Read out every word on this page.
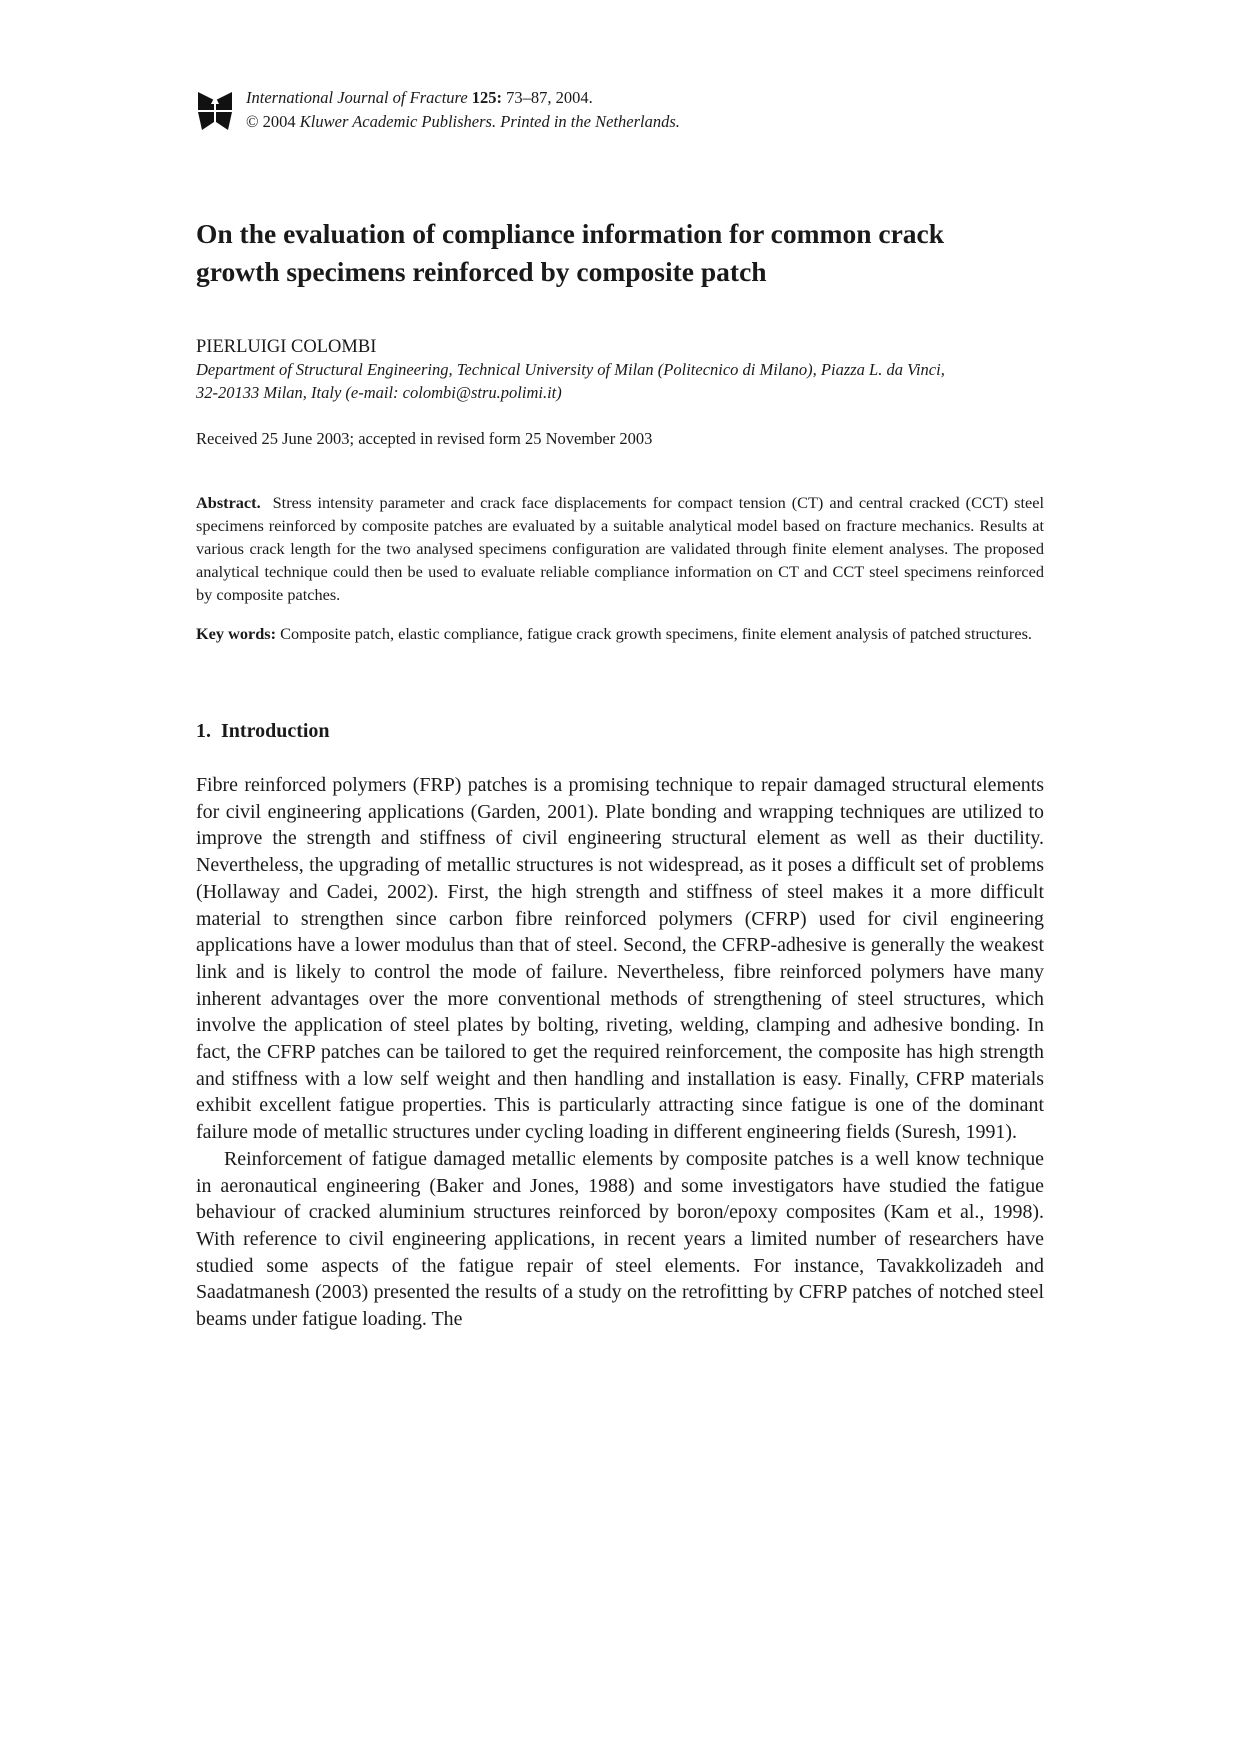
International Journal of Fracture 125: 73–87, 2004.
© 2004 Kluwer Academic Publishers. Printed in the Netherlands.
On the evaluation of compliance information for common crack
growth specimens reinforced by composite patch
PIERLUIGI COLOMBI
Department of Structural Engineering, Technical University of Milan (Politecnico di Milano), Piazza L. da Vinci,
32-20133 Milan, Italy (e-mail: colombi@stru.polimi.it)
Received 25 June 2003; accepted in revised form 25 November 2003

Abstract. Stress intensity parameter and crack face displacements for compact tension (CT) and central cracked (CCT) steel specimens reinforced by composite patches are evaluated by a suitable analytical model based on fracture mechanics. Results at various crack length for the two analysed specimens configuration are validated through finite element analyses. The proposed analytical technique could then be used to evaluate reliable compliance information on CT and CCT steel specimens reinforced by composite patches.

Key words: Composite patch, elastic compliance, fatigue crack growth specimens, finite element analysis of patched structures.

1. Introduction

Fibre reinforced polymers (FRP) patches is a promising technique to repair damaged structural elements for civil engineering applications (Garden, 2001). Plate bonding and wrapping techniques are utilized to improve the strength and stiffness of civil engineering structural element as well as their ductility. Nevertheless, the upgrading of metallic structures is not widespread, as it poses a difficult set of problems (Hollaway and Cadei, 2002). First, the high strength and stiffness of steel makes it a more difficult material to strengthen since carbon fibre reinforced polymers (CFRP) used for civil engineering applications have a lower modulus than that of steel. Second, the CFRP-adhesive is generally the weakest link and is likely to control the mode of failure. Nevertheless, fibre reinforced polymers have many inherent advantages over the more conventional methods of strengthening of steel structures, which involve the application of steel plates by bolting, riveting, welding, clamping and adhesive bonding. In fact, the CFRP patches can be tailored to get the required reinforcement, the composite has high strength and stiffness with a low self weight and then handling and installation is easy. Finally, CFRP materials exhibit excellent fatigue properties. This is particularly attracting since fatigue is one of the dominant failure mode of metallic structures under cycling loading in different engineering fields (Suresh, 1991).

Reinforcement of fatigue damaged metallic elements by composite patches is a well know technique in aeronautical engineering (Baker and Jones, 1988) and some investigators have studied the fatigue behaviour of cracked aluminium structures reinforced by boron/epoxy composites (Kam et al., 1998). With reference to civil engineering applications, in recent years a limited number of researchers have studied some aspects of the fatigue repair of steel elements. For instance, Tavakkolizadeh and Saadatmanesh (2003) presented the results of a study on the retrofitting by CFRP patches of notched steel beams under fatigue loading. The
